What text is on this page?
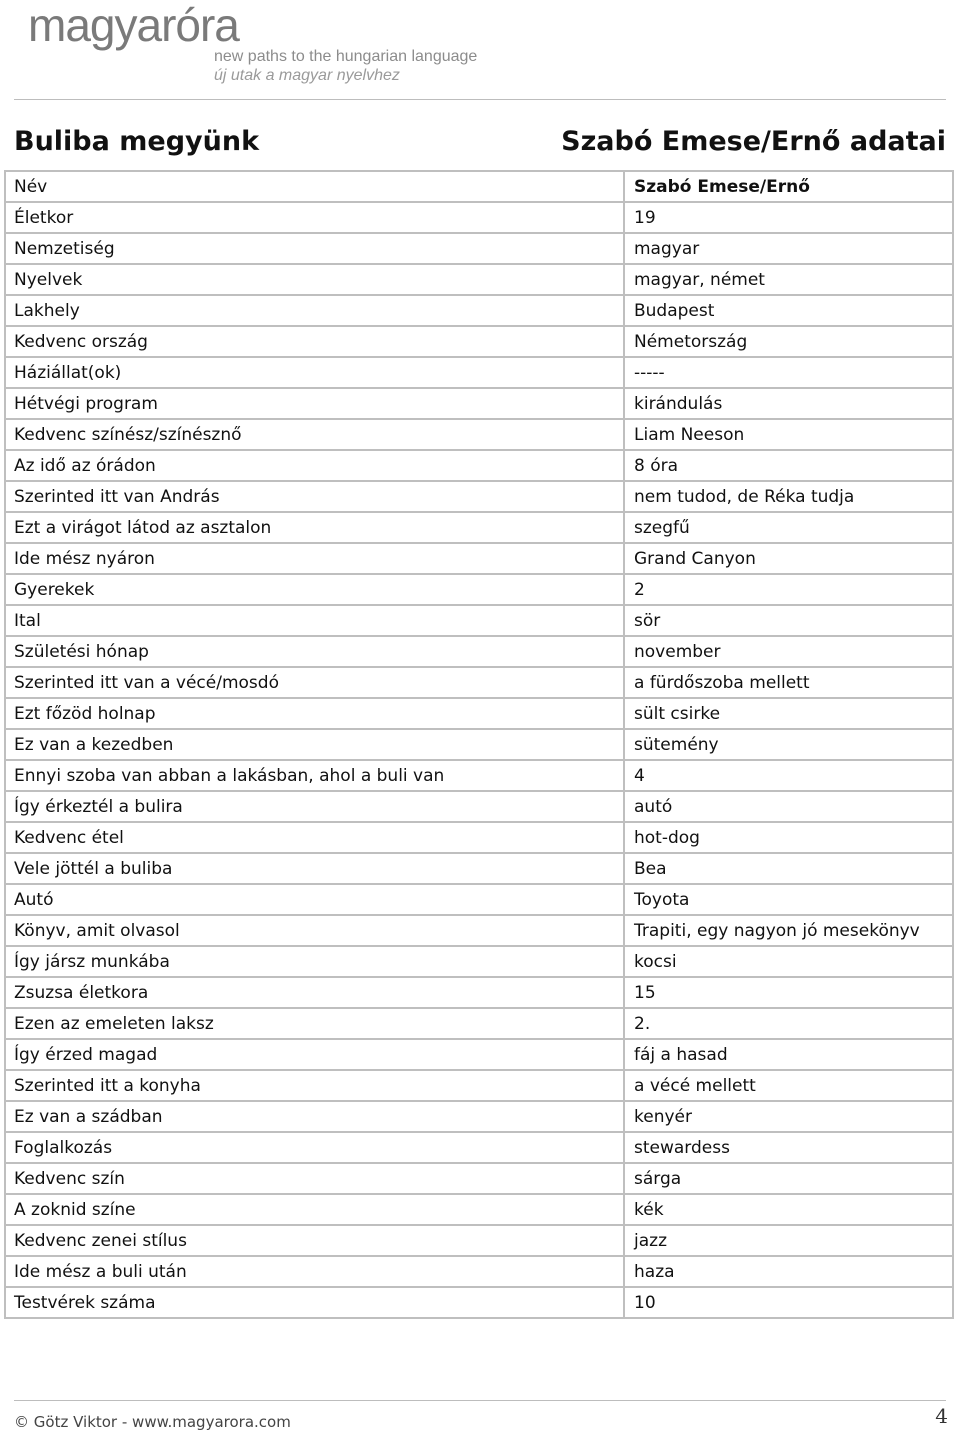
magyaróra
new paths to the hungarian language
új utak a magyar nyelvhez
Buliba megyünk	Szabó Emese/Ernő adatai
Név	Szabó Emese/Ernő
Életkor	19
Nemzetiség	magyar
Nyelvek	magyar, német
Lakhely	Budapest
Kedvenc ország	Németország
Háziállat(ok)	-----
Hétvégi program	kirándulás
Kedvenc színész/színésznő	Liam Neeson
Az idő az órádon	8 óra
Szerinted itt van András	nem tudod, de Réka tudja
Ezt a virágot látod az asztalon	szegfű
Ide mész nyáron	Grand Canyon
Gyerekek	2
Ital	sör
Születési hónap	november
Szerinted itt van a vécé/mosdó	a fürdőszoba mellett
Ezt főzöd holnap	sült csirke
Ez van a kezedben	sütemény
Ennyi szoba van abban a lakásban, ahol a buli van	4
Így érkeztél a bulira	autó
Kedvenc étel	hot-dog
Vele jöttél a buliba	Bea
Autó	Toyota
Könyv, amit olvasol	Trapiti, egy nagyon jó mesekönyv
Így jársz munkába	kocsi
Zsuzsa életkora	15
Ezen az emeleten laksz	2.
Így érzed magad	fáj a hasad
Szerinted itt a konyha	a vécé mellett
Ez van a szádban	kenyér
Foglalkozás	stewardess
Kedvenc szín	sárga
A zoknid színe	kék
Kedvenc zenei stílus	jazz
Ide mész a buli után	haza
Testvérek száma	10
© Götz Viktor - www.magyarora.com	4
